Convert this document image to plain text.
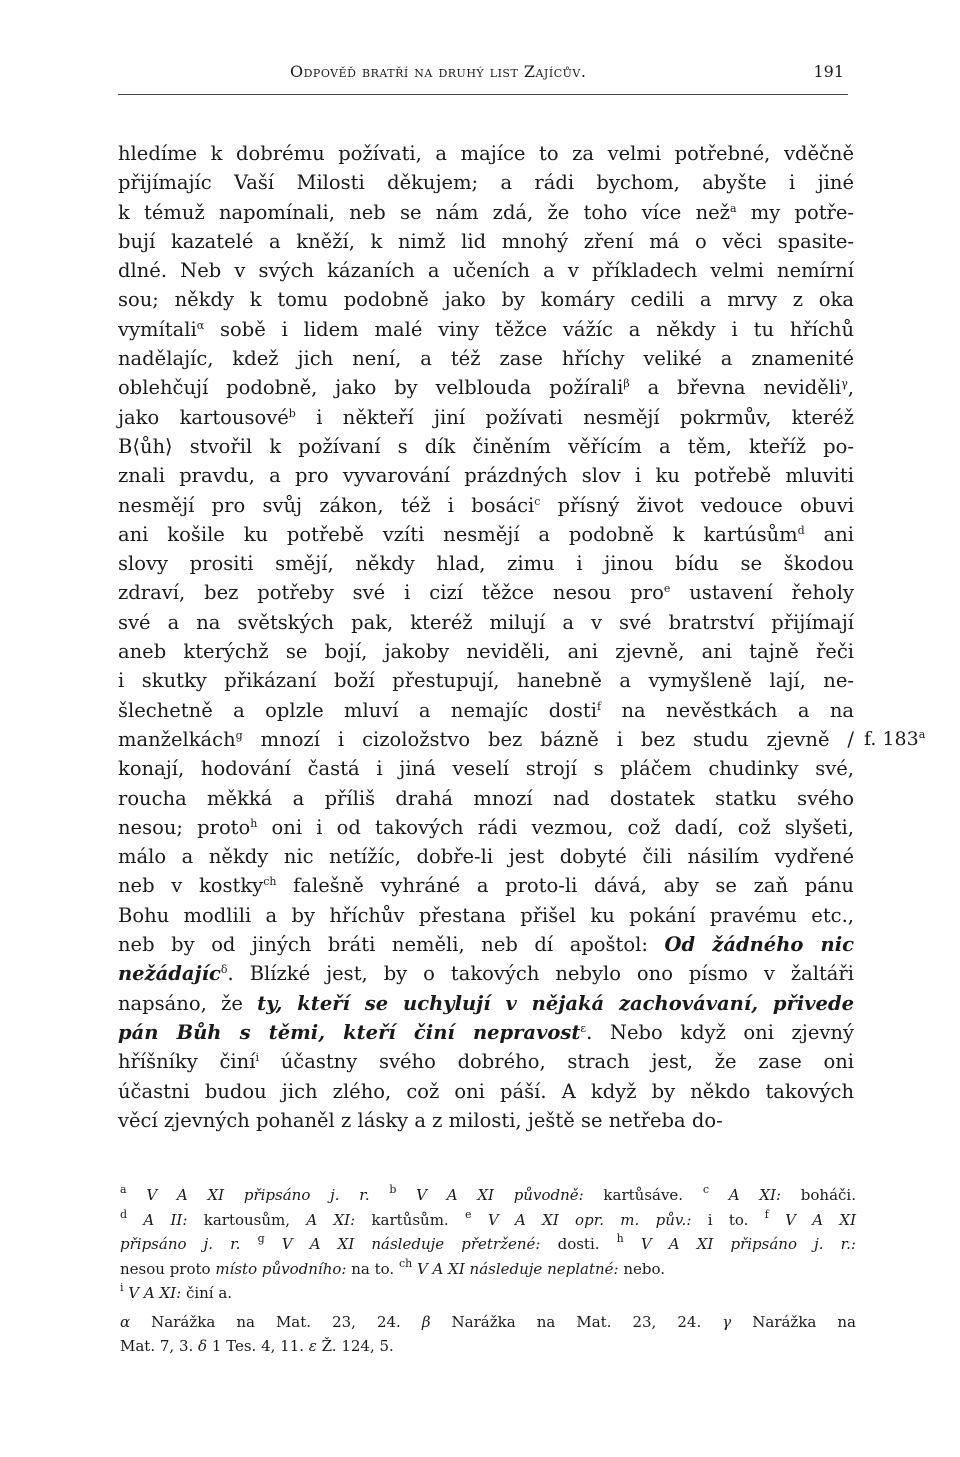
Odpověď bratří na druhý list Zajícův.	191
hledíme k dobrému požívati, a majíce to za velmi potřebné, vděčně
přijímajíc Vaší Milosti děkujem; a rádi bychom, abyšte i jiné
k témuž napomínali, neb se nám zdá, že toho více než$^a$ my potře-
bují kazatelé a kněží, k nimž lid mnohý zření má o věci spasite-
dlné. Neb v svých kázaních a učeních a v příkladech velmi nemírní
sou; někdy k tomu podobně jako by komáry cedili a mrvy z oka
vymítali$^\alpha$ sobě i lidem malé viny těžce vážíc a někdy i tu hříchů
nadělajíc, kdež jich není, a též zase hříchy veliké a znamenité
oblehčují podobně, jako by velblouda požírali$^\beta$ a břevna neviděli$^\gamma$,
jako kartousové$^b$ i někteří jiní požívati nesmějí pokrmův, kteréž
B⟨ůh⟩ stvořil k požívaní s dík činěním věřícím a těm, kteříž po-
znali pravdu, a pro vyvarování prázdných slov i ku potřebě mluviti
nesmějí pro svůj zákon, též i bosáci$^c$ přísný život vedouce obuvi
ani košile ku potřebě vzíti nesmějí a podobně k kartúsům$^d$ ani
slovy prositi smějí, někdy hlad, zimu i jinou bídu se škodou
zdraví, bez potřeby své i cizí těžce nesou pro$^e$ ustavení řeholy
své a na světských pak, kteréž milují a v své bratrství přijímají
aneb kterýchž se bojí, jakoby neviděli, ani zjevně, ani tajně řeči
i skutky přikázaní boží přestupují, hanebně a vymyšleně lají, ne-
šlechetně a oplzle mluví a nemajíc dosti$^f$ na nevěstkách a na
manželkách$^g$ mnozí i cizoložstvo bez bázně i bez studu zjevně / f. 183$^a$
konají, hodování častá i jiná veselí strojí s pláčem chudinky své,
roucha měkká a příliš drahá mnozí nad dostatek statku svého
nesou; proto$^h$ oni i od takových rádi vezmou, což dadí, což slyšeti,
málo a někdy nic netížíc, dobře-li jest dobyté čili násilím vydřené
neb v kostky$^{ch}$ falešně vyhráné a proto-li dává, aby se zaň pánu
Bohu modlili a by hříchův přestana přišel ku pokání pravému etc.,
neb by od jiných bráti neměli, neb dí apoštol: Od žádného nic
nežádajíc$^\delta$. Blízké jest, by o takových nebylo ono písmo v žaltáři
napsáno, že ty, kteří se uchylují v nějaká zachovávaní, přivede
pán Bůh s těmi, kteří činí nepravost$^\varepsilon$. Nebo když oni zjevný
hříšníky činí$^i$ účastny svého dobrého, strach jest, že zase oni
účastni budou jich zlého, což oni páší. A když by někdo takových
věcí zjevných pohaněl z lásky a z milosti, ještě se netřeba do-
$^a$ V A XI připsáno j. r. $^b$ V A XI původně: kartůsáve. $^c$ A XI: boháči.
$^d$ A II: kartousům, A XI: kartůsům. $^e$ V A XI opr. m. pův.: i to. $^f$ V A XI
připsáno j. r. $^g$ V A XI následuje přetržené: dosti. $^h$ V A XI připsáno j. r.:
nesou proto místo původního: na to. $^{ch}$ V A XI následuje neplatné: nebo.
$^i$ V A XI: činí a.
α Narážka na Mat. 23, 24. β Narážka na Mat. 23, 24. γ Narážka na
Mat. 7, 3. δ 1 Tes. 4, 11. ε Ž. 124, 5.
